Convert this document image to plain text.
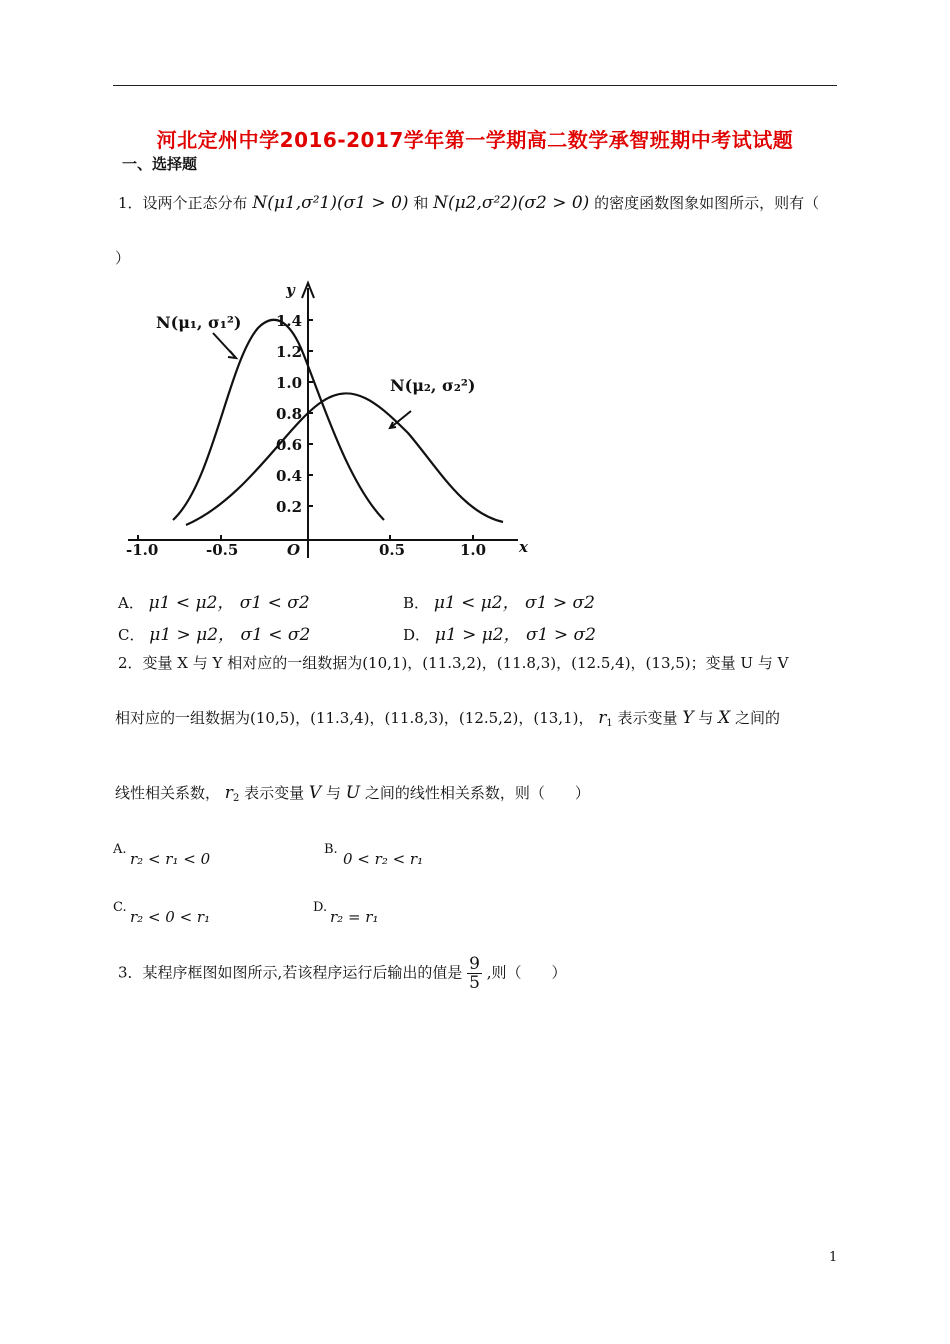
河北定州中学2016-2017学年第一学期高二数学承智班期中考试试题
一、选择题
1．设两个正态分布 N(μ1,σ²1)(σ1 > 0) 和 N(μ2,σ²2)(σ2 > 0) 的密度函数图象如图所示，则有（
）
y
x
O
1.4
1.2
1.0
0.8
0.6
0.4
0.2
-1.0	-0.5	0.5	1.0
N(μ₁, σ₁²)
N(μ₂, σ₂²)
A． μ1 < μ2， σ1 < σ2	B． μ1 < μ2， σ1 > σ2
C． μ1 > μ2， σ1 < σ2	D． μ1 > μ2， σ1 > σ2
2．变量 X 与 Y 相对应的一组数据为(10,1)，(11.3,2)，(11.8,3)，(12.5,4)，(13,5)；变量 U 与 V
相对应的一组数据为(10,5)，(11.3,4)，(11.8,3)，(12.5,2)，(13,1)， $r_1$ 表示变量 Y 与 X 之间的
线性相关系数， $r_2$ 表示变量 V 与 U 之间的线性相关系数，则（　　）
A.
r₂ < r₁ < 0
B.
0 < r₂ < r₁
C.
r₂ < 0 < r₁
D.
r₂ = r₁
3．某程序框图如图所示,若该程序运行后输出的值是 $\frac{9}{5}$ ,则（　　）
1
